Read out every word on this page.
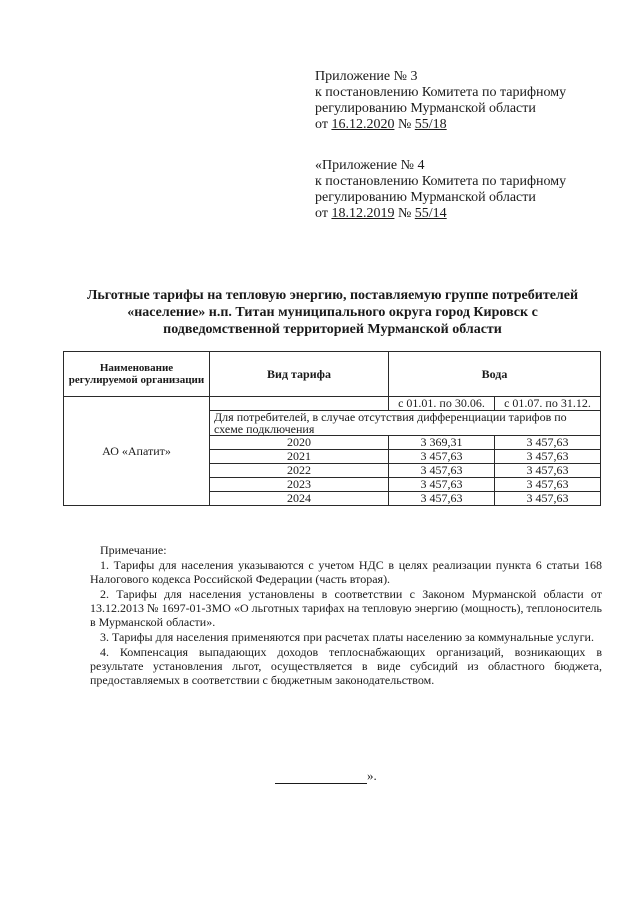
Приложение № 3
к постановлению Комитета по тарифному
регулированию Мурманской области
от 16.12.2020 № 55/18
«Приложение № 4
к постановлению Комитета по тарифному
регулированию Мурманской области
от 18.12.2019 № 55/14
Льготные тарифы на тепловую энергию, поставляемую группе потребителей
«население» н.п. Титан муниципального округа город Кировск с
подведомственной территорией Мурманской области
Наименование регулируемой организации	Вид тарифа	Вода	
АО «Апатит»		с 01.01. по 30.06.	с 01.07. по 31.12.
	Для потребителей, в случае отсутствия дифференциации тарифов по схеме подключения		
	2020	3 369,31	3 457,63
	2021	3 457,63	3 457,63
	2022	3 457,63	3 457,63
	2023	3 457,63	3 457,63
	2024	3 457,63	3 457,63
Примечание:
1. Тарифы для населения указываются с учетом НДС в целях реализации пункта 6 статьи 168 Налогового кодекса Российской Федерации (часть вторая).
2. Тарифы для населения установлены в соответствии с Законом Мурманской области от 13.12.2013 № 1697-01-ЗМО «О льготных тарифах на тепловую энергию (мощность), теплоноситель в Мурманской области».
3. Тарифы для населения применяются при расчетах платы населению за коммунальные услуги.
4. Компенсация выпадающих доходов теплоснабжающих организаций, возникающих в результате установления льгот, осуществляется в виде субсидий из областного бюджета, предоставляемых в соответствии с бюджетным законодательством.
».
